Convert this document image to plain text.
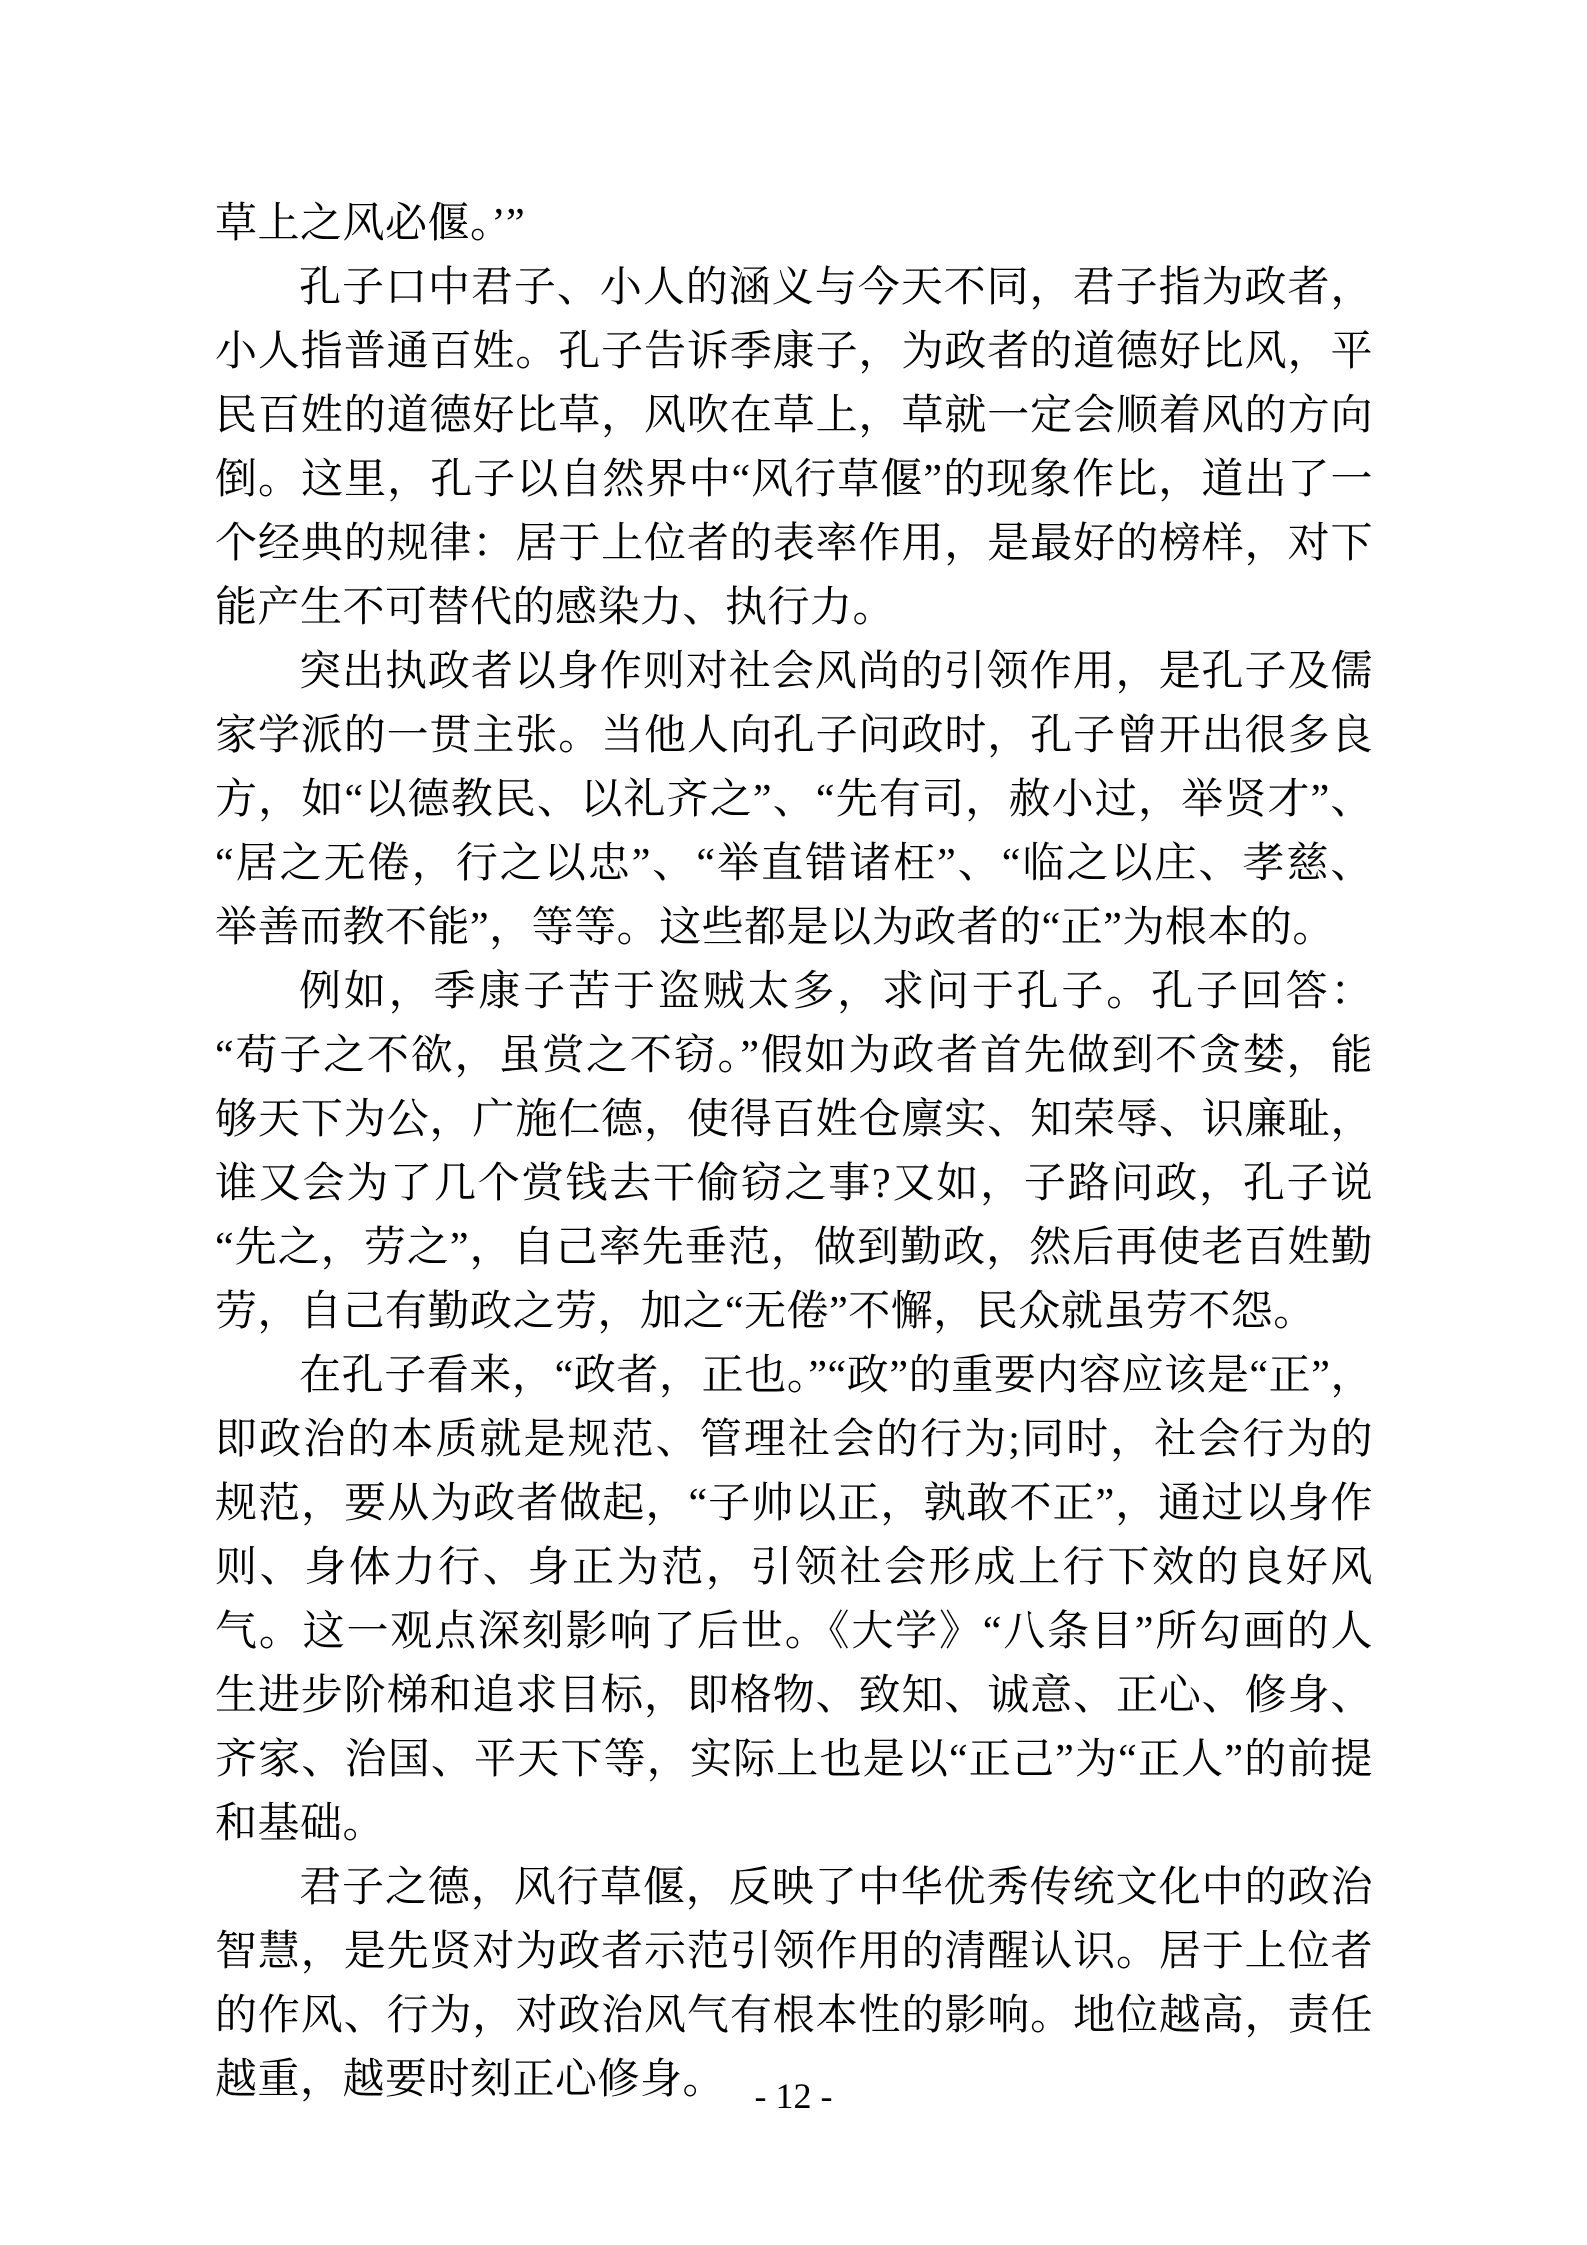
草上之风必偃。’”

孔子口中君子、小人的涵义与今天不同，君子指为政者，小人指普通百姓。孔子告诉季康子，为政者的道德好比风，平民百姓的道德好比草，风吹在草上，草就一定会顺着风的方向倒。这里，孔子以自然界中“风行草偃”的现象作比，道出了一个经典的规律：居于上位者的表率作用，是最好的榜样，对下能产生不可替代的感染力、执行力。

突出执政者以身作则对社会风尚的引领作用，是孔子及儒家学派的一贯主张。当他人向孔子问政时，孔子曾开出很多良方，如“以德教民、以礼齐之”、“先有司，赦小过，举贤才”、“居之无倦，行之以忠”、“举直错诸枉”、“临之以庄、孝慈、举善而教不能”，等等。这些都是以为政者的“正”为根本的。

例如，季康子苦于盗贼太多，求问于孔子。孔子回答：“苟子之不欲，虽赏之不窃。”假如为政者首先做到不贪婪，能够天下为公，广施仁德，使得百姓仓廪实、知荣辱、识廉耻，谁又会为了几个赏钱去干偷窃之事?又如，子路问政，孔子说“先之，劳之”，自己率先垂范，做到勤政，然后再使老百姓勤劳，自己有勤政之劳，加之“无倦”不懈，民众就虽劳不怨。

在孔子看来，“政者，正也。”“政”的重要内容应该是“正”，即政治的本质就是规范、管理社会的行为;同时，社会行为的规范，要从为政者做起，“子帅以正，孰敢不正”，通过以身作则、身体力行、身正为范，引领社会形成上行下效的良好风气。这一观点深刻影响了后世。《大学》“八条目”所勾画的人生进步阶梯和追求目标，即格物、致知、诚意、正心、修身、齐家、治国、平天下等，实际上也是以“正己”为“正人”的前提和基础。

君子之德，风行草偃，反映了中华优秀传统文化中的政治智慧，是先贤对为政者示范引领作用的清醒认识。居于上位者的作风、行为，对政治风气有根本性的影响。地位越高，责任越重，越要时刻正心修身。 - 12 -
